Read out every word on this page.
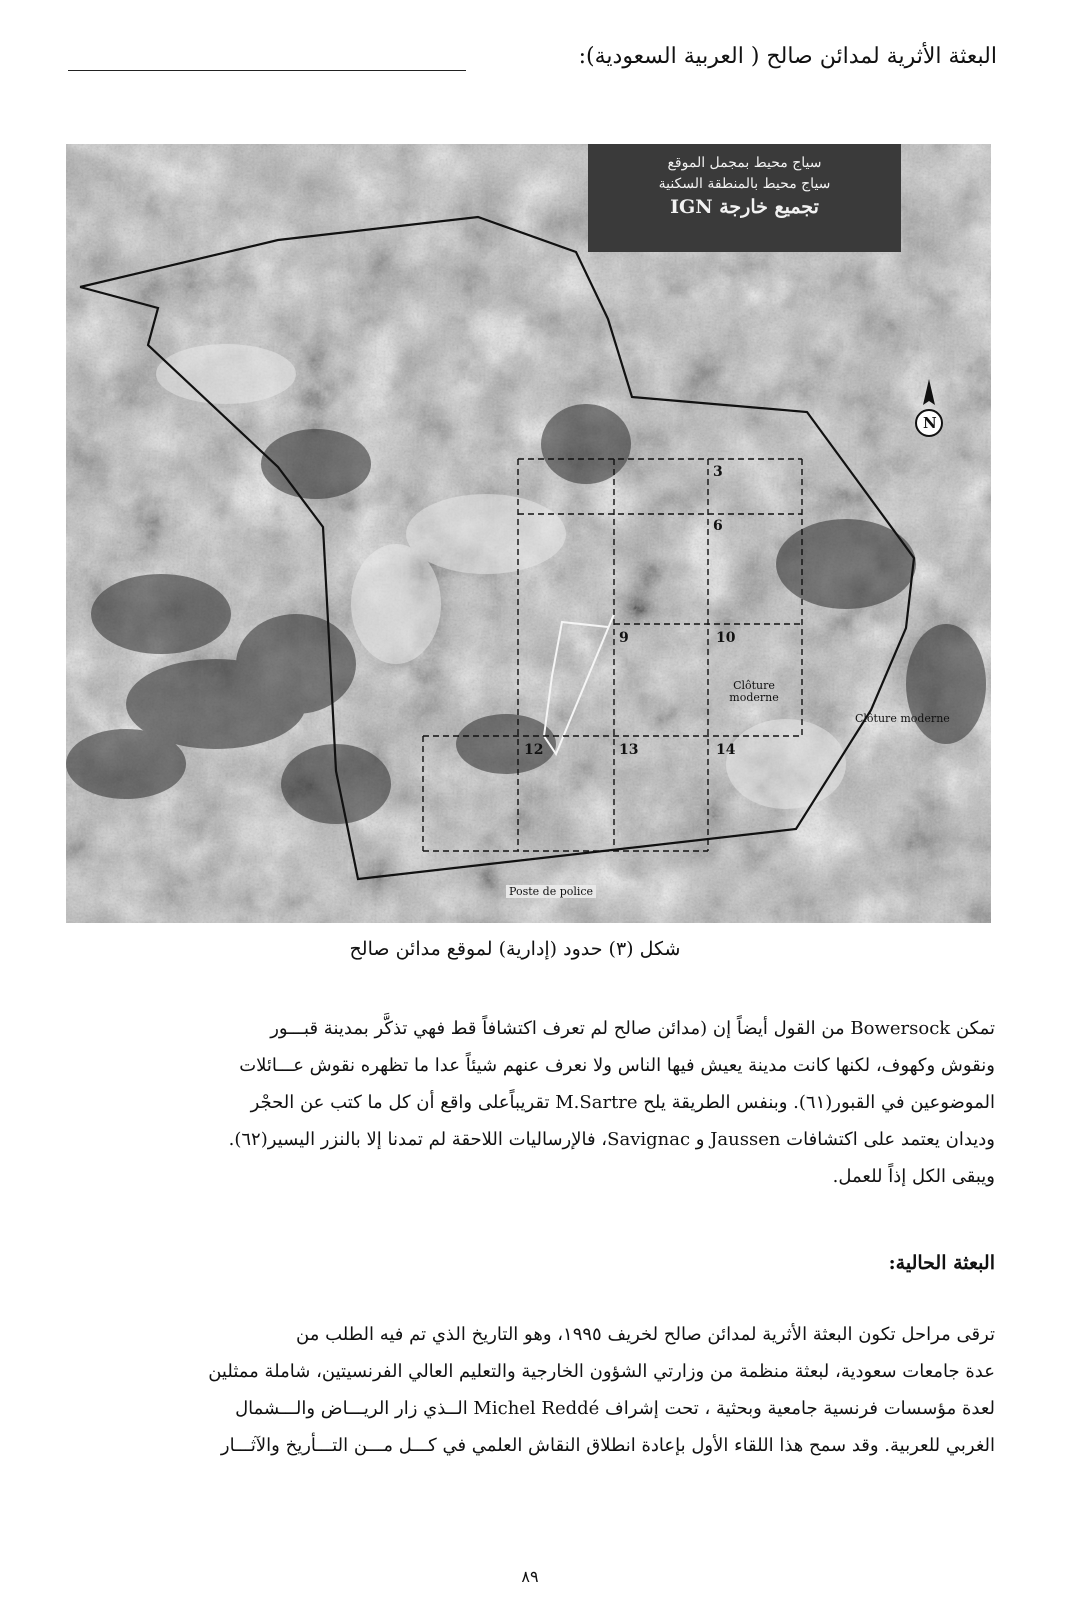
البعثة الأثرية لمدائن صالح ( العربية السعودية):
سياج محيط بمجمل الموقع
سياج محيط بالمنطقة السكنية
تجميع خارجة IGN
N
3
6
9	10
12	13	14
Clôture
moderne
Clôture moderne
Poste de police
شكل (٣) حدود (إدارية) لموقع مدائن صالح
تمكن Bowersock من القول أيضاً إن (مدائن صالح لم تعرف اكتشافاً قط فهي تذكَّر بمدينة قبـــور
ونقوش وكهوف، لكنها كانت مدينة يعيش فيها الناس ولا نعرف عنهم شيئاً عدا ما تظهره نقوش عـــائلات
الموضوعين في القبور(٦١). وبنفس الطريقة يلح M.Sartre تقريباًعلى واقع أن كل ما كتب عن الحجْر
وديدان يعتمد على اكتشافات Jaussen و Savignac، فالإرساليات اللاحقة لم تمدنا إلا بالنزر اليسير(٦٢).
ويبقى الكل إذاً للعمل.
البعثة الحالية:
ترقى مراحل تكون البعثة الأثرية لمدائن صالح لخريف ١٩٩٥، وهو التاريخ الذي تم فيه الطلب من
عدة جامعات سعودية، لبعثة منظمة من وزارتي الشؤون الخارجية والتعليم العالي الفرنسيتين، شاملة ممثلين
لعدة مؤسسات فرنسية جامعية وبحثية ، تحت إشراف Michel Reddé الــذي زار الريـــاض والـــشمال
الغربي للعربية. وقد سمح هذا اللقاء الأول بإعادة انطلاق النقاش العلمي في كـــل مـــن التـــأريخ والآثـــار
٨٩
